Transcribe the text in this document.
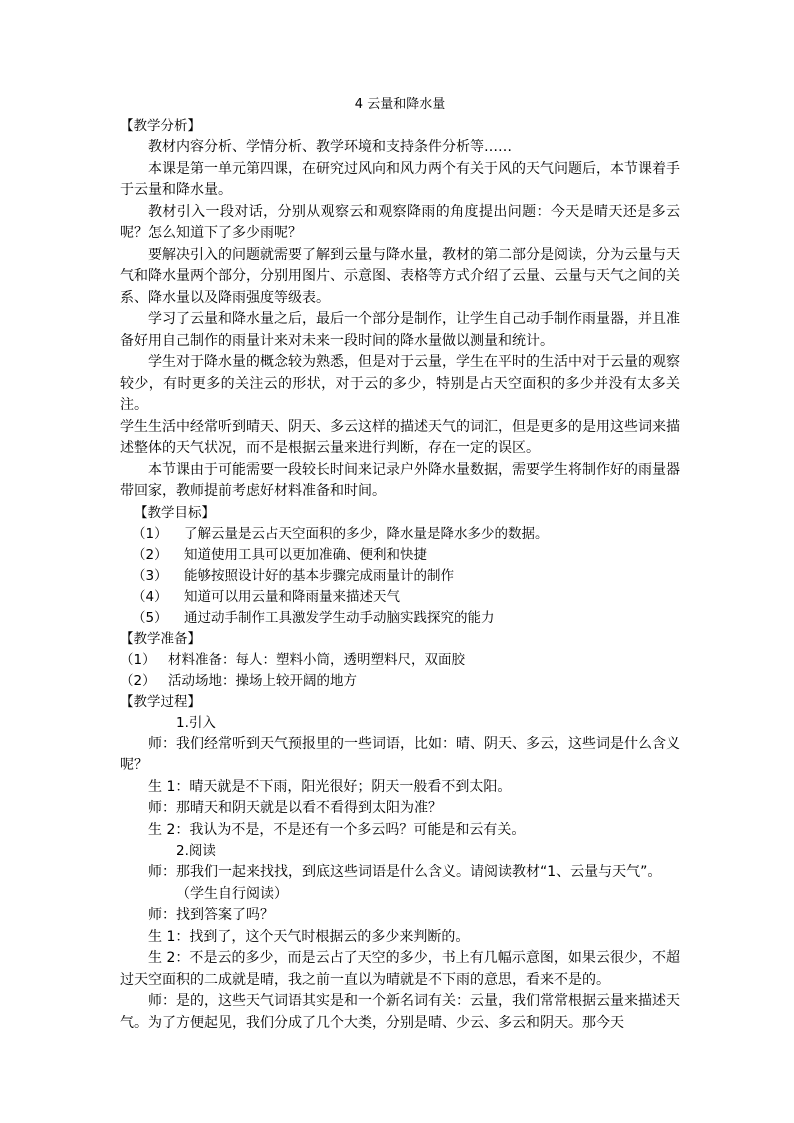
4 云量和降水量
【教学分析】

教材内容分析、学情分析、教学环境和支持条件分析等……

本课是第一单元第四课，在研究过风向和风力两个有关于风的天气问题后，本节课着手于云量和降水量。

教材引入一段对话，分别从观察云和观察降雨的角度提出问题：今天是晴天还是多云呢？怎么知道下了多少雨呢？

要解决引入的问题就需要了解到云量与降水量，教材的第二部分是阅读，分为云量与天气和降水量两个部分，分别用图片、示意图、表格等方式介绍了云量、云量与天气之间的关系、降水量以及降雨强度等级表。

学习了云量和降水量之后，最后一个部分是制作，让学生自己动手制作雨量器，并且准备好用自己制作的雨量计来对未来一段时间的降水量做以测量和统计。

学生对于降水量的概念较为熟悉，但是对于云量，学生在平时的生活中对于云量的观察较少，有时更多的关注云的形状，对于云的多少，特别是占天空面积的多少并没有太多关注。

学生生活中经常听到晴天、阴天、多云这样的描述天气的词汇，但是更多的是用这些词来描述整体的天气状况，而不是根据云量来进行判断，存在一定的误区。

本节课由于可能需要一段较长时间来记录户外降水量数据，需要学生将制作好的雨量器带回家，教师提前考虑好材料准备和时间。

【教学目标】
（1）	了解云量是云占天空面积的多少，降水量是降水多少的数据。
（2）	知道使用工具可以更加准确、便利和快捷
（3）	能够按照设计好的基本步骤完成雨量计的制作
（4）	知道可以用云量和降雨量来描述天气
（5）	通过动手制作工具激发学生动手动脑实践探究的能力
【教学准备】
（1） 材料准备：每人：塑料小筒，透明塑料尺，双面胶
（2） 活动场地：操场上较开阔的地方
【教学过程】
1.引入

师：我们经常听到天气预报里的一些词语，比如：晴、阴天、多云，这些词是什么含义呢？

生 1：晴天就是不下雨，阳光很好；阴天一般看不到太阳。

师：那晴天和阴天就是以看不看得到太阳为准？

生 2：我认为不是，不是还有一个多云吗？可能是和云有关。

2.阅读

师：那我们一起来找找，到底这些词语是什么含义。请阅读教材“1、云量与天气”。

（学生自行阅读）

师：找到答案了吗？

生 1：找到了，这个天气时根据云的多少来判断的。

生 2：不是云的多少，而是云占了天空的多少，书上有几幅示意图，如果云很少，不超过天空面积的二成就是晴，我之前一直以为晴就是不下雨的意思，看来不是的。

师：是的，这些天气词语其实是和一个新名词有关：云量，我们常常根据云量来描述天气。为了方便起见，我们分成了几个大类，分别是晴、少云、多云和阴天。那今天
